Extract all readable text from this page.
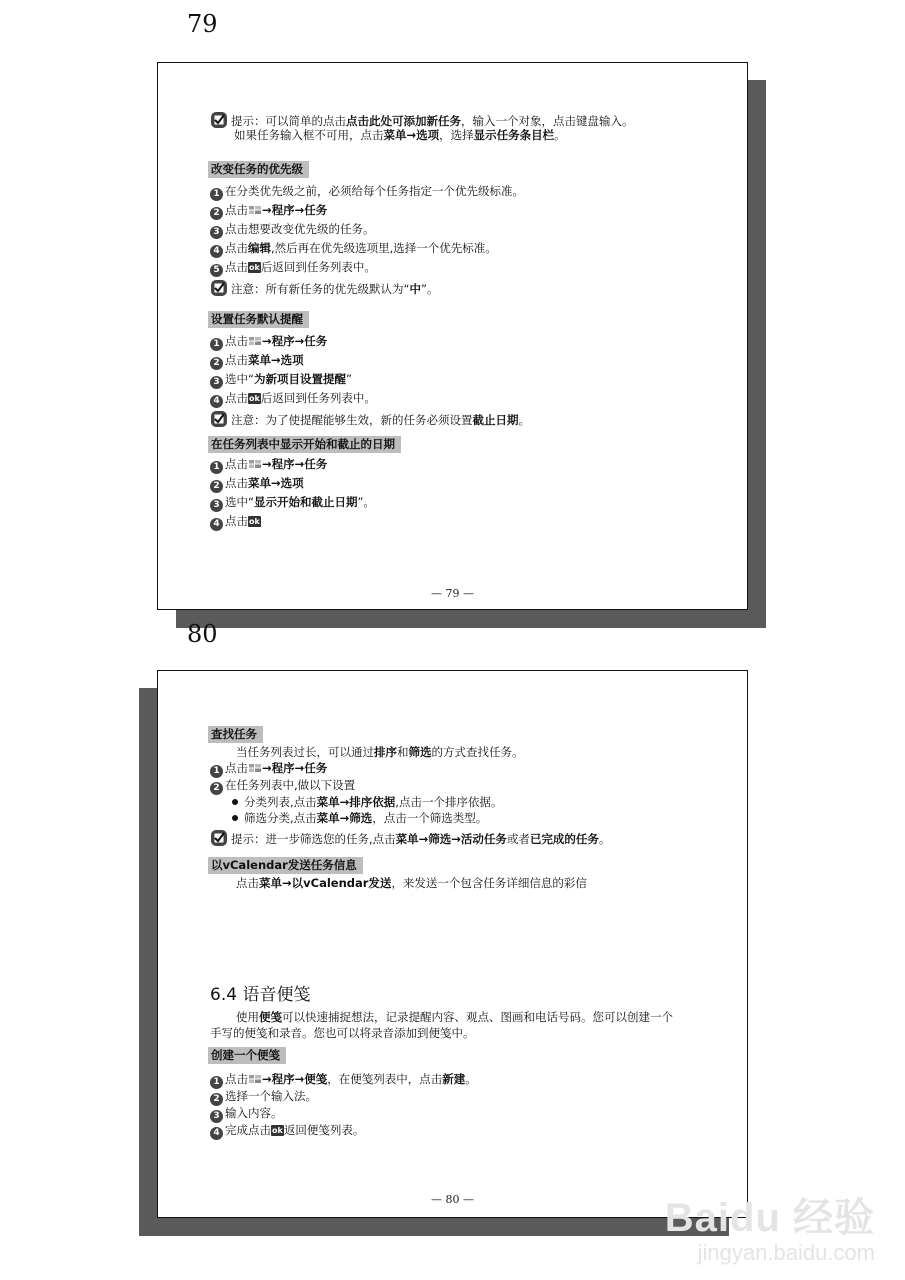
79
提示：可以简单的点击点击此处可添加新任务，输入一个对象，点击键盘输入。
如果任务输入框不可用，点击菜单→选项，选择显示任务条目栏。
改变任务的优先级
1 在分类优先级之前，必须给每个任务指定一个优先级标准。
2 点击 →程序→任务
3 点击想要改变优先级的任务。
4 点击编辑,然后再在优先级选项里,选择一个优先标准。
5 点击ok后返回到任务列表中。
注意：所有新任务的优先级默认为“中”。
设置任务默认提醒
1 点击 →程序→任务
2 点击菜单→选项
3 选中“为新项目设置提醒”
4 点击ok后返回到任务列表中。
注意：为了使提醒能够生效，新的任务必须设置截止日期。
在任务列表中显示开始和截止的日期
1 点击 →程序→任务
2 点击菜单→选项
3 选中“显示开始和截止日期”。
4 点击ok
— 79 —
80
查找任务
当任务列表过长，可以通过排序和筛选的方式查找任务。
1 点击 →程序→任务
2 在任务列表中,做以下设置
分类列表,点击菜单→排序依据,点击一个排序依据。
筛选分类,点击菜单→筛选，点击一个筛选类型。
提示：进一步筛选您的任务,点击菜单→筛选→活动任务或者已完成的任务。
以vCalendar发送任务信息
点击菜单→以vCalendar发送，来发送一个包含任务详细信息的彩信
6.4 语音便笺
使用便笺可以快速捕捉想法，记录提醒内容、观点、图画和电话号码。您可以创建一个
手写的便笺和录音。您也可以将录音添加到便笺中。
创建一个便笺
1 点击 →程序→便笺，在便笺列表中，点击新建。
2 选择一个输入法。
3 输入内容。
4 完成点击ok返回便笺列表。
— 80 —	Baidu 经验
jingyan.baidu.com
